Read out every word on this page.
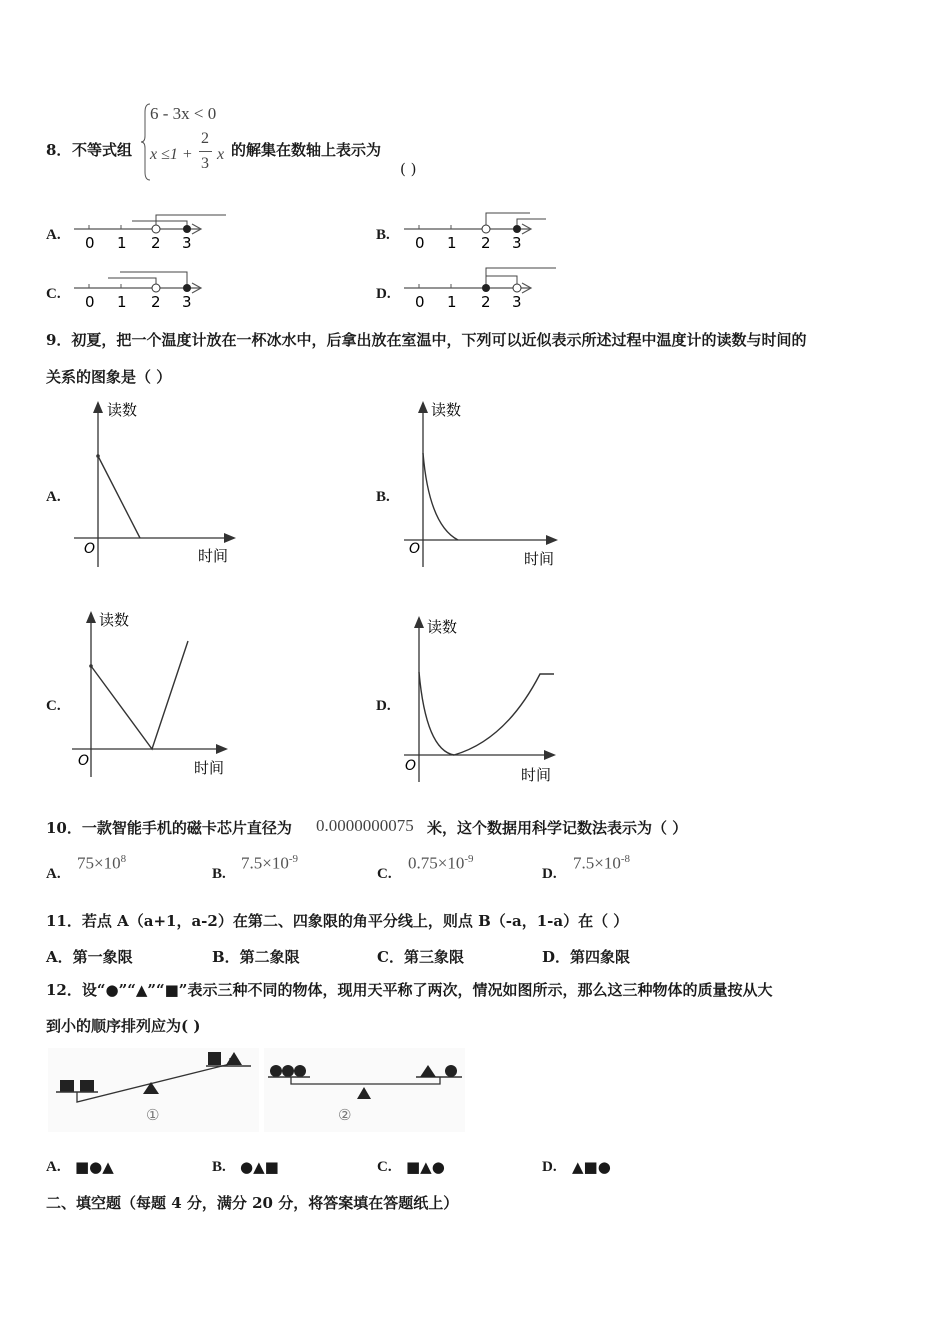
6 - 3x < 0
x ≤1 +
2
3
x
8． 不等式组	的解集在数轴上表示为
( )
A.	B.
C.	D.
0 1 2 3	0 1 2 3
0 1 2 3	0 1 2 3
9．初夏，把一个温度计放在一杯冰水中，后拿出放在室温中，下列可以近似表示所述过程中温度计的读数与时间的
关系的图象是（ ）
A.	B.
C.	D.
读数
时间
O
读数
时间
O
读数
时间
O
读数
时间
O
10．一款智能手机的磁卡芯片直径为 0.0000000075 米，这个数据用科学记数法表示为（ ）
A.
$75\times 10^8$
B.
$7.5\times 10^{-9}$
C.
$0.75\times 10^{-9}$
D.
$7.5\times 10^{-8}$
11．若点 A（a+1，a-2）在第二、四象限的角平分线上，则点 B（-a，1-a）在（ ）
A．第一象限	B．第二象限	C．第三象限	D．第四象限
12．设“●”“▲”“■”表示三种不同的物体，现用天平称了两次，情况如图所示，那么这三种物体的质量按从大
到小的顺序排列应为( )
①	②
A. ■●▲	B. ●▲■	C. ■▲●	D. ▲■●
二、填空题（每题 4 分，满分 20 分，将答案填在答题纸上）
